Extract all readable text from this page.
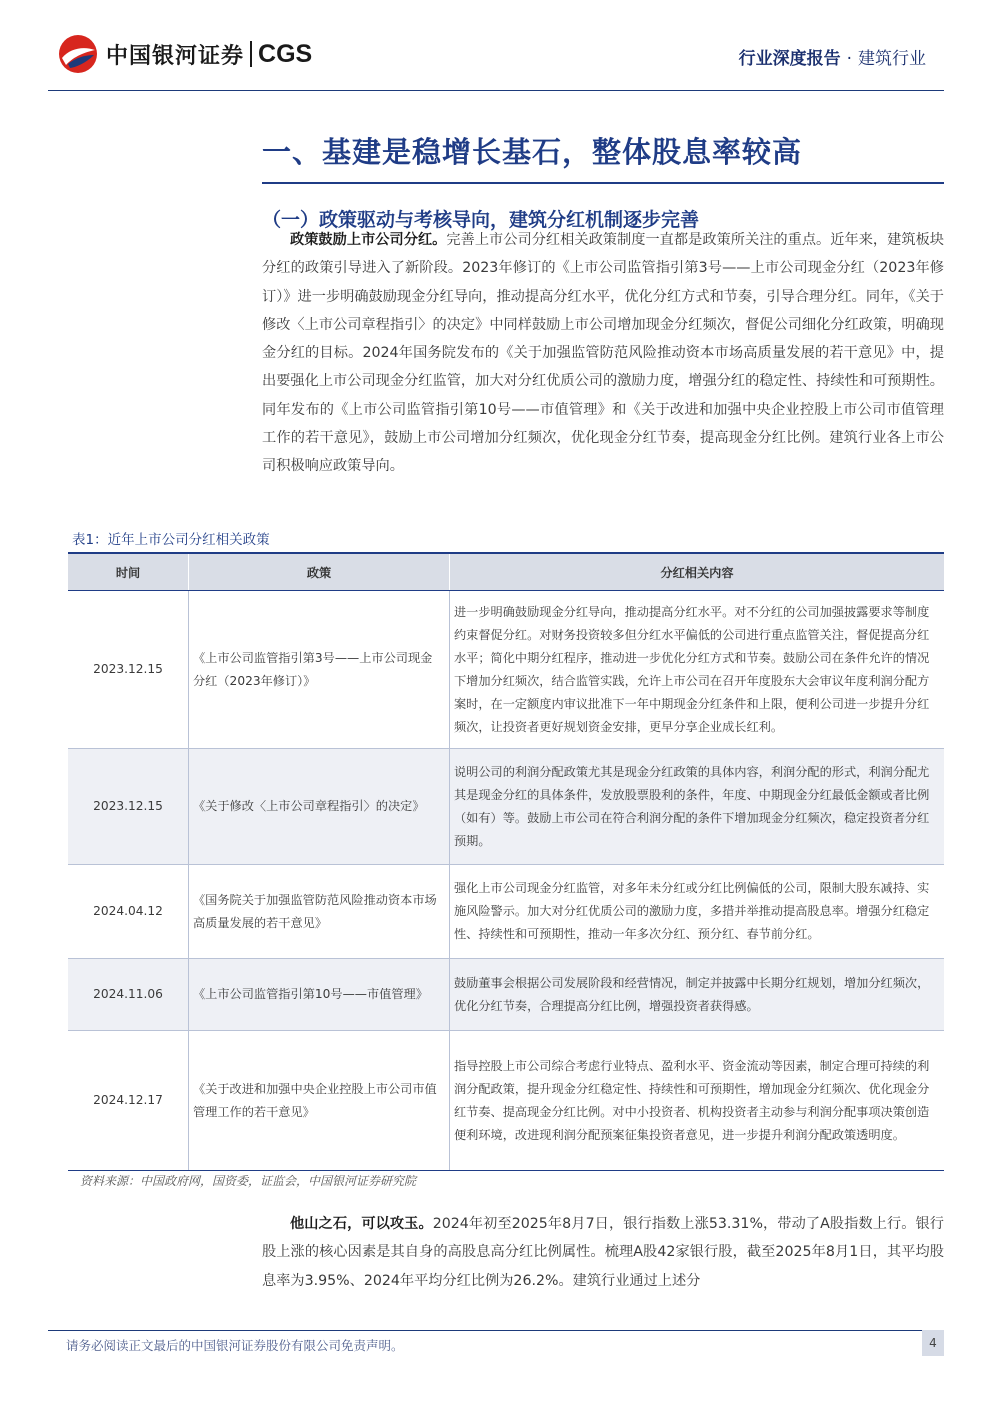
中国银河证券 CGS	行业深度报告 · 建筑行业
一、基建是稳增长基石，整体股息率较高
（一）政策驱动与考核导向，建筑分红机制逐步完善
政策鼓励上市公司分红。完善上市公司分红相关政策制度一直都是政策所关注的重点。近年来，建筑板块分红的政策引导进入了新阶段。2023年修订的《上市公司监管指引第3号——上市公司现金分红（2023年修订）》进一步明确鼓励现金分红导向，推动提高分红水平，优化分红方式和节奏，引导合理分红。同年，《关于修改〈上市公司章程指引〉的决定》中同样鼓励上市公司增加现金分红频次，督促公司细化分红政策，明确现金分红的目标。2024年国务院发布的《关于加强监管防范风险推动资本市场高质量发展的若干意见》中，提出要强化上市公司现金分红监管，加大对分红优质公司的激励力度，增强分红的稳定性、持续性和可预期性。同年发布的《上市公司监管指引第10号——市值管理》和《关于改进和加强中央企业控股上市公司市值管理工作的若干意见》，鼓励上市公司增加分红频次，优化现金分红节奏，提高现金分红比例。建筑行业各上市公司积极响应政策导向。
表1：近年上市公司分红相关政策
时间	政策	分红相关内容
2023.12.15	《上市公司监管指引第3号——上市公司现金分红（2023年修订）》	进一步明确鼓励现金分红导向，推动提高分红水平。对不分红的公司加强披露要求等制度约束督促分红。对财务投资较多但分红水平偏低的公司进行重点监管关注，督促提高分红水平；简化中期分红程序，推动进一步优化分红方式和节奏。鼓励公司在条件允许的情况下增加分红频次，结合监管实践，允许上市公司在召开年度股东大会审议年度利润分配方案时，在一定额度内审议批准下一年中期现金分红条件和上限，便利公司进一步提升分红频次，让投资者更好规划资金安排，更早分享企业成长红利。
2023.12.15	《关于修改〈上市公司章程指引〉的决定》	说明公司的利润分配政策尤其是现金分红政策的具体内容，利润分配的形式，利润分配尤其是现金分红的具体条件，发放股票股利的条件，年度、中期现金分红最低金额或者比例（如有）等。鼓励上市公司在符合利润分配的条件下增加现金分红频次，稳定投资者分红预期。
2024.04.12	《国务院关于加强监管防范风险推动资本市场高质量发展的若干意见》	强化上市公司现金分红监管，对多年未分红或分红比例偏低的公司，限制大股东减持、实施风险警示。加大对分红优质公司的激励力度，多措并举推动提高股息率。增强分红稳定性、持续性和可预期性，推动一年多次分红、预分红、春节前分红。
2024.11.06	《上市公司监管指引第10号——市值管理》	鼓励董事会根据公司发展阶段和经营情况，制定并披露中长期分红规划，增加分红频次，优化分红节奏，合理提高分红比例，增强投资者获得感。
2024.12.17	《关于改进和加强中央企业控股上市公司市值管理工作的若干意见》	指导控股上市公司综合考虑行业特点、盈利水平、资金流动等因素，制定合理可持续的利润分配政策，提升现金分红稳定性、持续性和可预期性，增加现金分红频次、优化现金分红节奏、提高现金分红比例。对中小投资者、机构投资者主动参与利润分配事项决策创造便利环境，改进现利润分配预案征集投资者意见，进一步提升利润分配政策透明度。
资料来源：中国政府网，国资委，证监会，中国银河证券研究院
他山之石，可以攻玉。2024年初至2025年8月7日，银行指数上涨53.31%，带动了A股指数上行。银行股上涨的核心因素是其自身的高股息高分红比例属性。梳理A股42家银行股，截至2025年8月1日，其平均股息率为3.95%、2024年平均分红比例为26.2%。建筑行业通过上述分
请务必阅读正文最后的中国银河证券股份有限公司免责声明。	4
